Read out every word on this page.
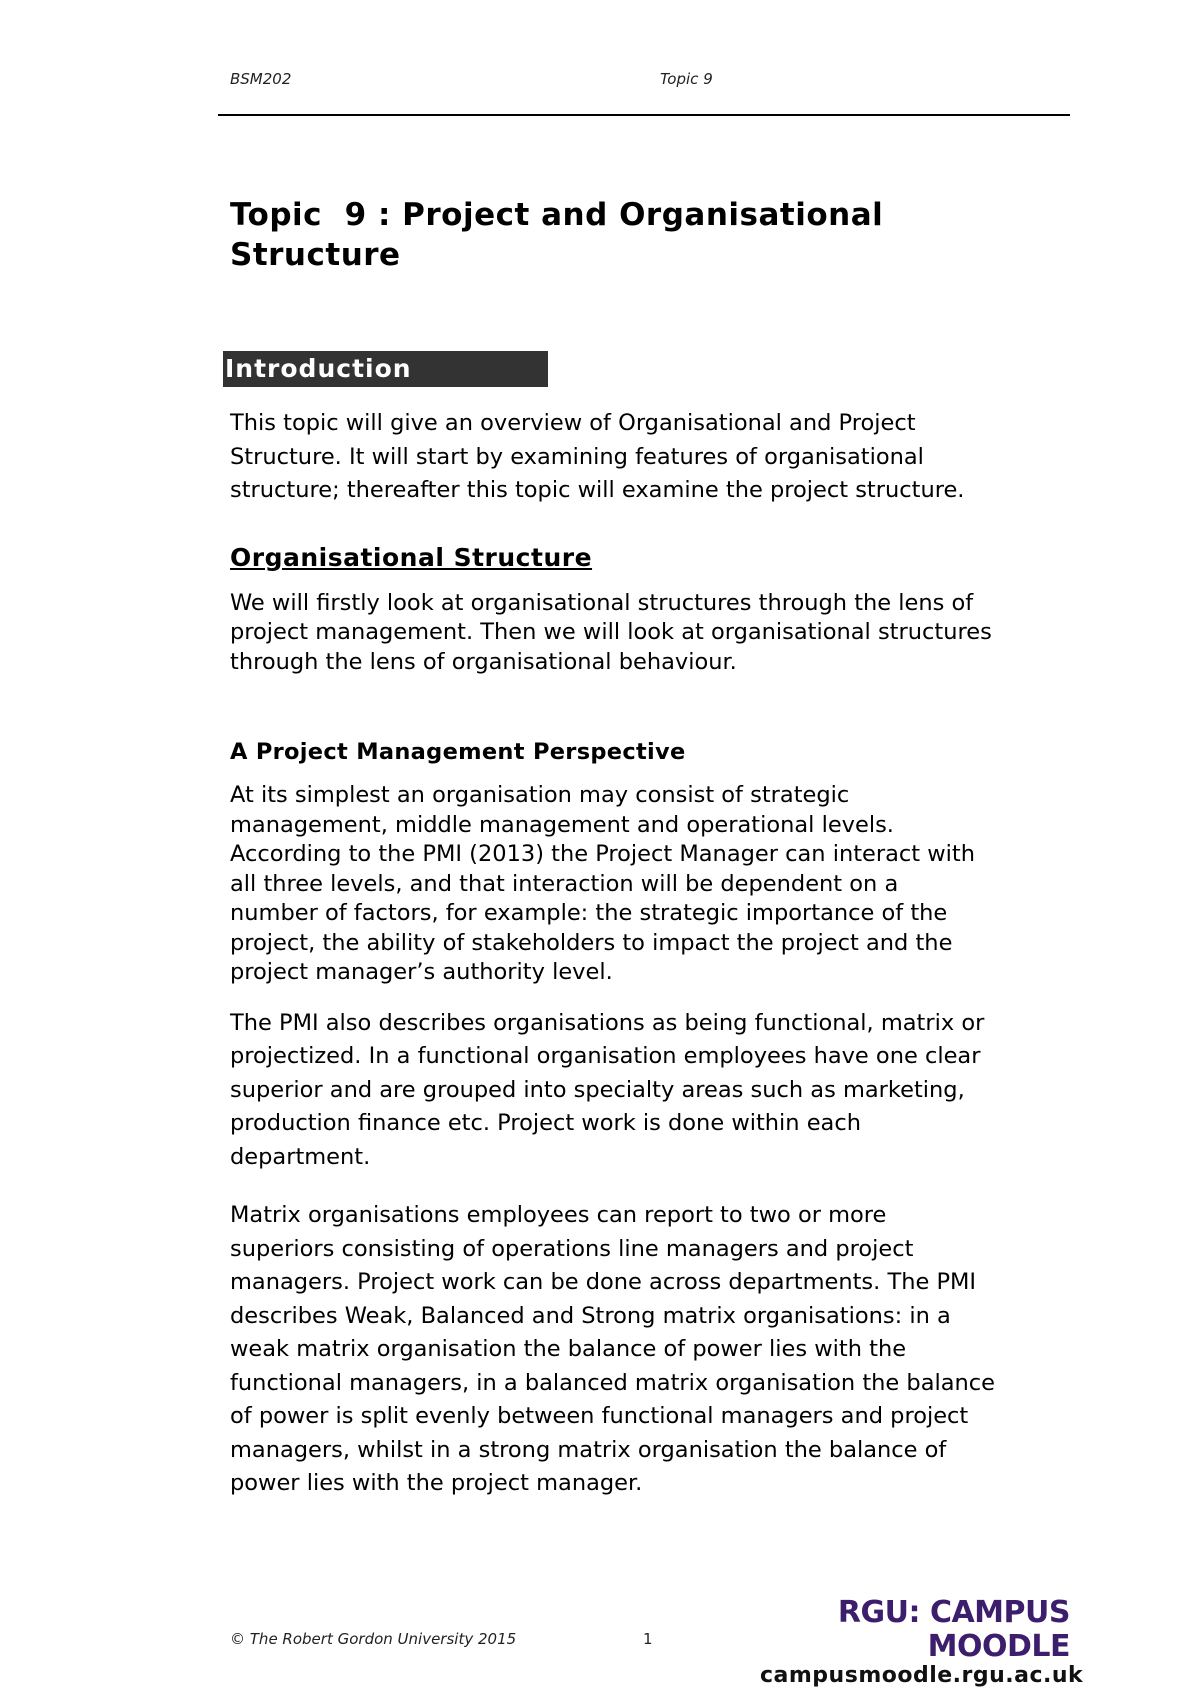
BSM202	Topic 9
Topic  9 : Project and Organisational
Structure
Introduction
This topic will give an overview of Organisational and Project
Structure. It will start by examining features of organisational
structure; thereafter this topic will examine the project structure.
Organisational Structure
We will firstly look at organisational structures through the lens of
project management. Then we will look at organisational structures
through the lens of organisational behaviour.
A Project Management Perspective
At its simplest an organisation may consist of strategic
management, middle management and operational levels.
According to the PMI (2013) the Project Manager can interact with
all three levels, and that interaction will be dependent on a
number of factors, for example: the strategic importance of the
project, the ability of stakeholders to impact the project and the
project manager’s authority level.
The PMI also describes organisations as being functional, matrix or
projectized. In a functional organisation employees have one clear
superior and are grouped into specialty areas such as marketing,
production finance etc. Project work is done within each
department.
Matrix organisations employees can report to two or more
superiors consisting of operations line managers and project
managers. Project work can be done across departments. The PMI
describes Weak, Balanced and Strong matrix organisations: in a
weak matrix organisation the balance of power lies with the
functional managers, in a balanced matrix organisation the balance
of power is split evenly between functional managers and project
managers, whilst in a strong matrix organisation the balance of
power lies with the project manager.
© The Robert Gordon University 2015	1
RGU: CAMPUS MOODLE
campusmoodle.rgu.ac.uk
